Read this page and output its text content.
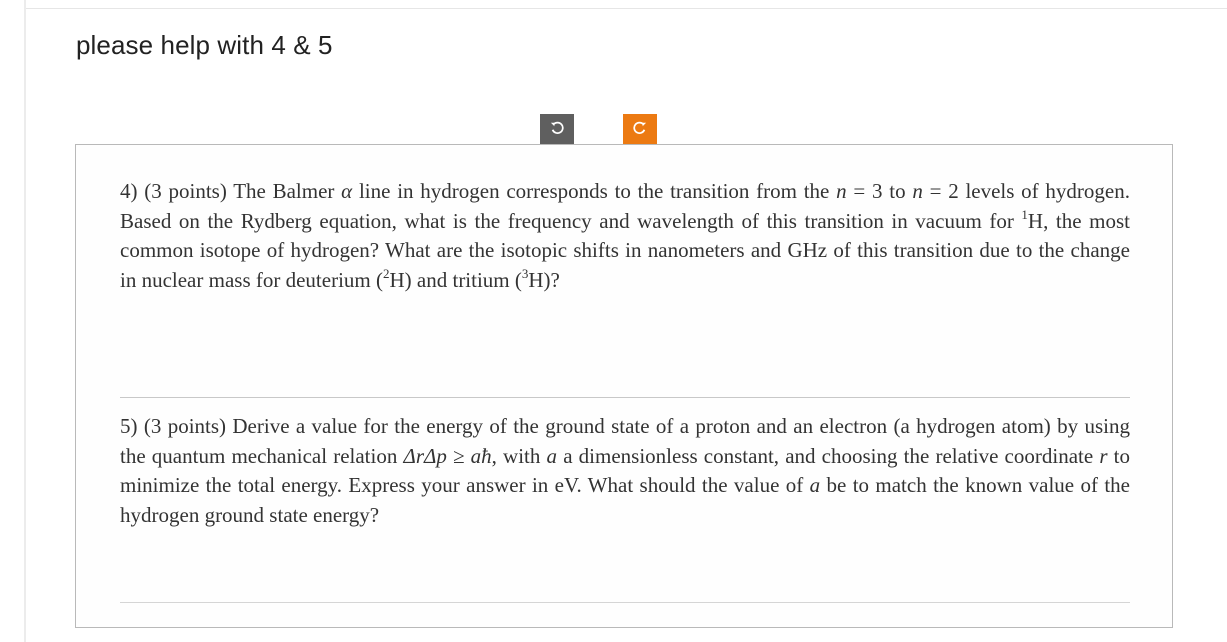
please help with 4 & 5
4) (3 points) The Balmer α line in hydrogen corresponds to the transition from the n = 3 to n = 2 levels of hydrogen. Based on the Rydberg equation, what is the frequency and wavelength of this transition in vacuum for $^1$H, the most common isotope of hydrogen? What are the isotopic shifts in nanometers and GHz of this transition due to the change in nuclear mass for deuterium ($^2$H) and tritium ($^3$H)?
5) (3 points) Derive a value for the energy of the ground state of a proton and an electron (a hydrogen atom) by using the quantum mechanical relation ΔrΔp ≥ aħ, with a a dimensionless constant, and choosing the relative coordinate r to minimize the total energy. Express your answer in eV. What should the value of a be to match the known value of the hydrogen ground state energy?
